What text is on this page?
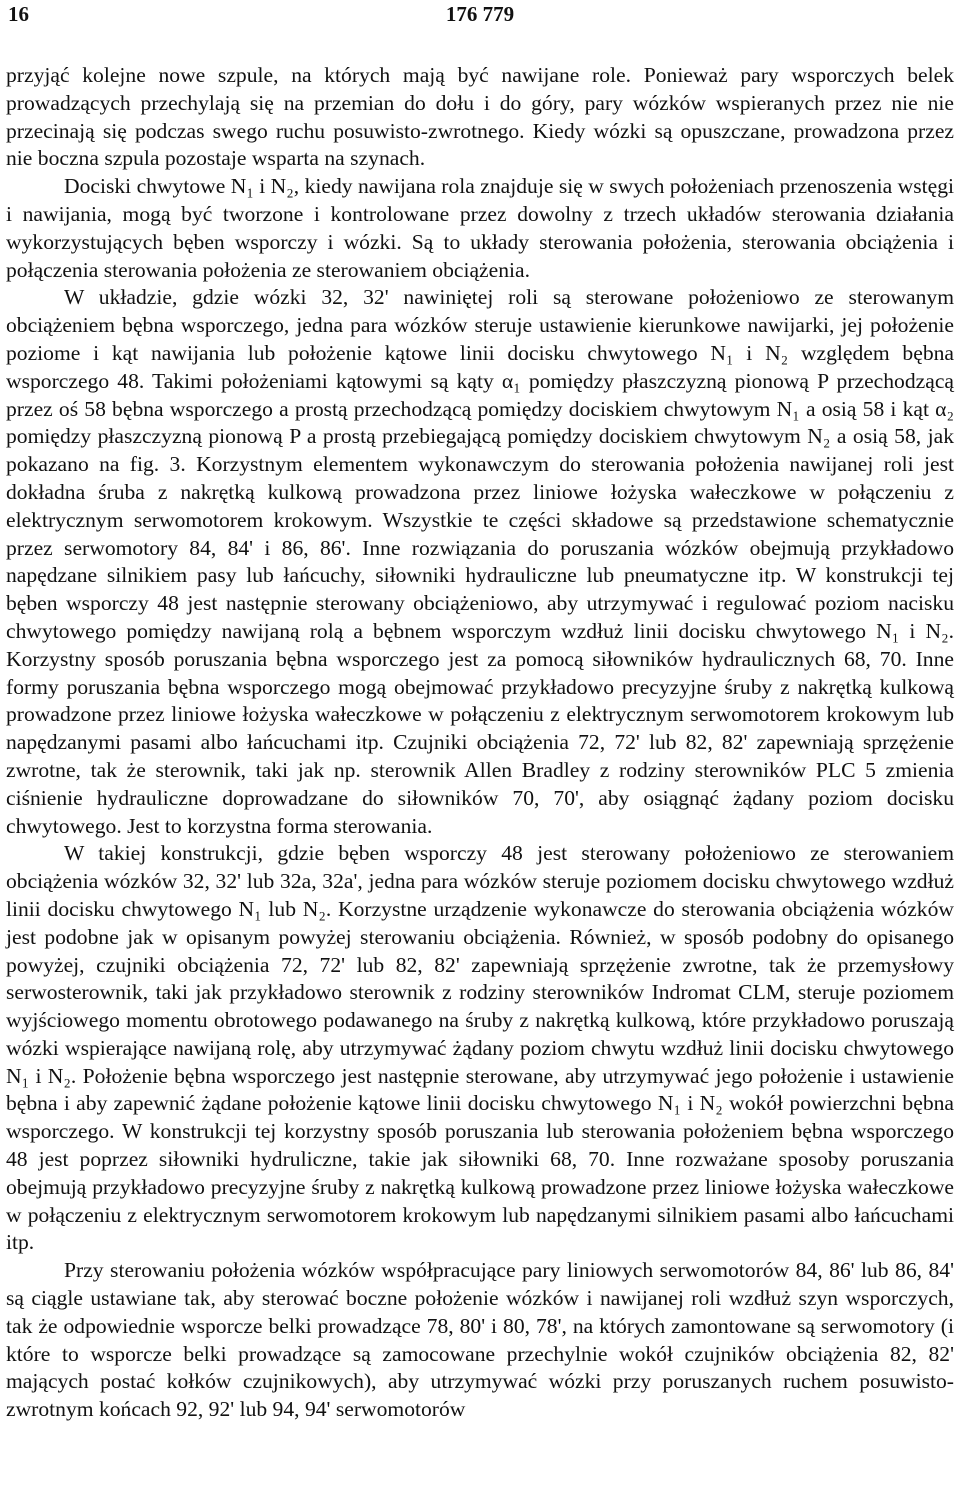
16	176 779

przyjąć kolejne nowe szpule, na których mają być nawijane role. Ponieważ pary wsporczych belek prowadzących przechylają się na przemian do dołu i do góry, pary wózków wspieranych przez nie nie przecinają się podczas swego ruchu posuwisto-zwrotnego. Kiedy wózki są opuszczane, prowadzona przez nie boczna szpula pozostaje wsparta na szynach.

Dociski chwytowe N₁ i N₂, kiedy nawijana rola znajduje się w swych położeniach przenoszenia wstęgi i nawijania, mogą być tworzone i kontrolowane przez dowolny z trzech układów sterowania działania wykorzystujących bęben wsporczy i wózki. Są to układy sterowania położenia, sterowania obciążenia i połączenia sterowania położenia ze sterowaniem obciążenia.

W układzie, gdzie wózki 32, 32' nawiniętej roli są sterowane położeniowo ze sterowanym obciążeniem bębna wsporczego, jedna para wózków steruje ustawienie kierunkowe nawijarki, jej położenie poziome i kąt nawijania lub położenie kątowe linii docisku chwytowego N₁ i N₂ względem bębna wsporczego 48. Takimi położeniami kątowymi są kąty α₁ pomiędzy płaszczyzną pionową P przechodzącą przez oś 58 bębna wsporczego a prostą przechodzącą pomiędzy dociskiem chwytowym N₁ a osią 58 i kąt α₂ pomiędzy płaszczyzną pionową P a prostą przebiegającą pomiędzy dociskiem chwytowym N₂ a osią 58, jak pokazano na fig. 3. Korzystnym elementem wykonawczym do sterowania położenia nawijanej roli jest dokładna śruba z nakrętką kulkową prowadzona przez liniowe łożyska wałeczkowe w połączeniu z elektrycznym serwomotorem krokowym. Wszystkie te części składowe są przedstawione schematycznie przez serwomotory 84, 84' i 86, 86'. Inne rozwiązania do poruszania wózków obejmują przykładowo napędzane silnikiem pasy lub łańcuchy, siłowniki hydrauliczne lub pneumatyczne itp. W konstrukcji tej bęben wsporczy 48 jest następnie sterowany obciążeniowo, aby utrzymywać i regulować poziom nacisku chwytowego pomiędzy nawijaną rolą a bębnem wsporczym wzdłuż linii docisku chwytowego N₁ i N₂. Korzystny sposób poruszania bębna wsporczego jest za pomocą siłowników hydraulicznych 68, 70. Inne formy poruszania bębna wsporczego mogą obejmować przykładowo precyzyjne śruby z nakrętką kulkową prowadzone przez liniowe łożyska wałeczkowe w połączeniu z elektrycznym serwomotorem krokowym lub napędzanymi pasami albo łańcuchami itp. Czujniki obciążenia 72, 72' lub 82, 82' zapewniają sprzężenie zwrotne, tak że sterownik, taki jak np. sterownik Allen Bradley z rodziny sterowników PLC 5 zmienia ciśnienie hydrauliczne doprowadzane do siłowników 70, 70', aby osiągnąć żądany poziom docisku chwytowego. Jest to korzystna forma sterowania.

W takiej konstrukcji, gdzie bęben wsporczy 48 jest sterowany położeniowo ze sterowaniem obciążenia wózków 32, 32' lub 32a, 32a', jedna para wózków steruje poziomem docisku chwytowego wzdłuż linii docisku chwytowego N₁ lub N₂. Korzystne urządzenie wykonawcze do sterowania obciążenia wózków jest podobne jak w opisanym powyżej sterowaniu obciążenia. Również, w sposób podobny do opisanego powyżej, czujniki obciążenia 72, 72' lub 82, 82' zapewniają sprzężenie zwrotne, tak że przemysłowy serwosterownik, taki jak przykładowo sterownik z rodziny sterowników Indromat CLM, steruje poziomem wyjściowego momentu obrotowego podawanego na śruby z nakrętką kulkową, które przykładowo poruszają wózki wspierające nawijaną rolę, aby utrzymywać żądany poziom chwytu wzdłuż linii docisku chwytowego N₁ i N₂. Położenie bębna wsporczego jest następnie sterowane, aby utrzymywać jego położenie i ustawienie bębna i aby zapewnić żądane położenie kątowe linii docisku chwytowego N₁ i N₂ wokół powierzchni bębna wsporczego. W konstrukcji tej korzystny sposób poruszania lub sterowania położeniem bębna wsporczego 48 jest poprzez siłowniki hydruliczne, takie jak siłowniki 68, 70. Inne rozważane sposoby poruszania obejmują przykładowo precyzyjne śruby z nakrętką kulkową prowadzone przez liniowe łożyska wałeczkowe w połączeniu z elektrycznym serwomotorem krokowym lub napędzanymi silnikiem pasami albo łańcuchami itp.

Przy sterowaniu położenia wózków współpracujące pary liniowych serwomotorów 84, 86' lub 86, 84' są ciągle ustawiane tak, aby sterować boczne położenie wózków i nawijanej roli wzdłuż szyn wsporczych, tak że odpowiednie wsporcze belki prowadzące 78, 80' i 80, 78', na których zamontowane są serwomotory (i które to wsporcze belki prowadzące są zamocowane przechylnie wokół czujników obciążenia 82, 82' mających postać kołków czujnikowych), aby utrzymywać wózki przy poruszanych ruchem posuwisto-zwrotnym końcach 92, 92' lub 94, 94' serwomotorów
